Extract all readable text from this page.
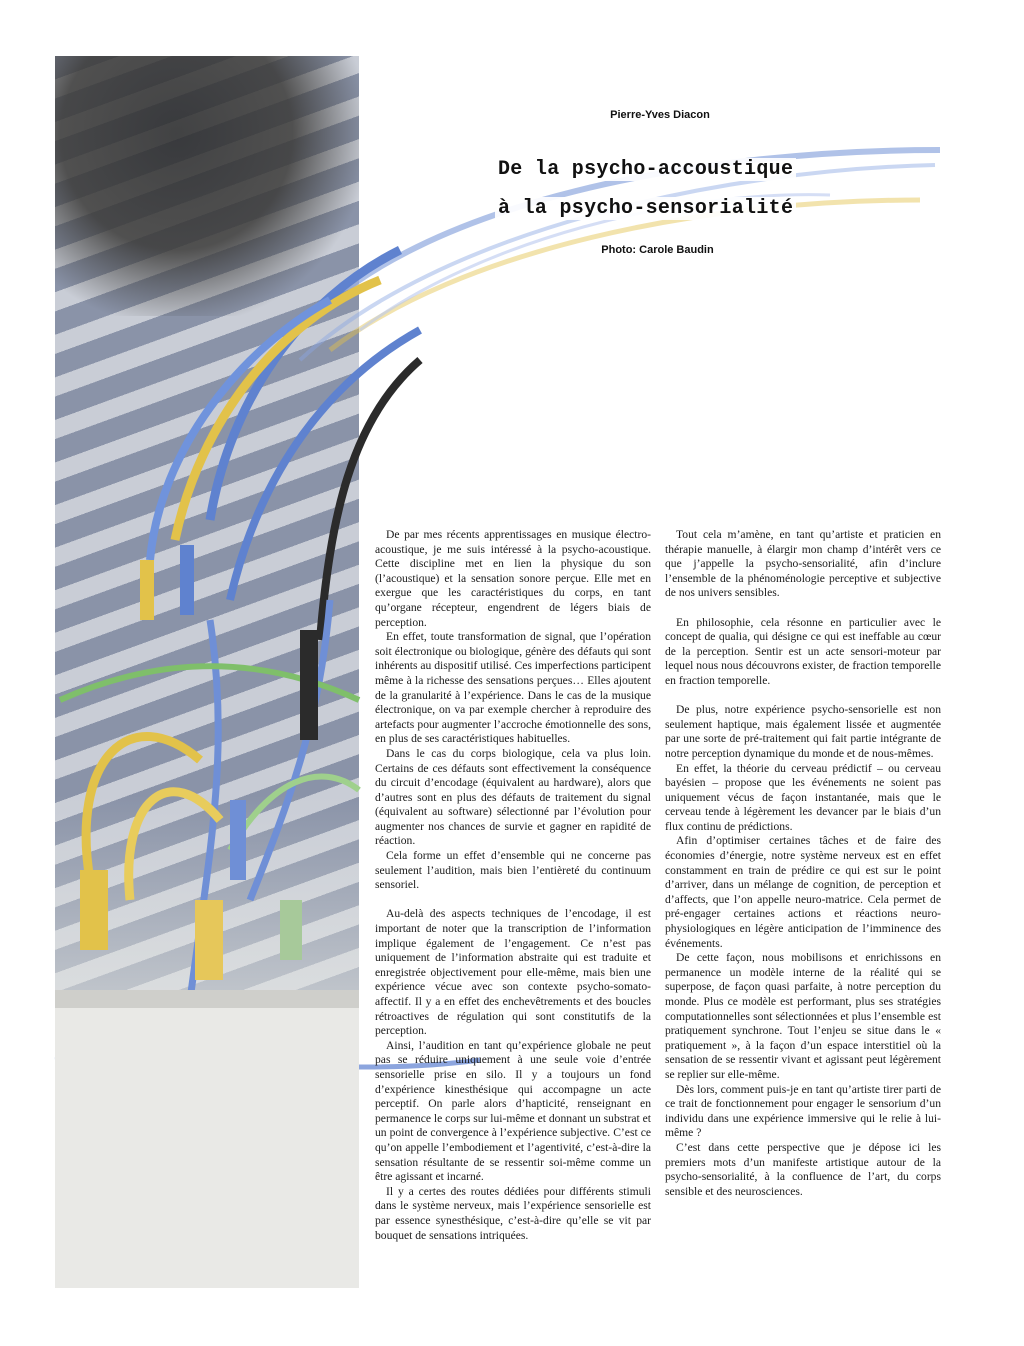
Pierre-Yves Diacon
De la psycho-accoustique
à la psycho-sensorialité
Photo: Carole Baudin

De par mes récents apprentissages en musique électro-acoustique, je me suis intéressé à la psycho-acoustique. Cette discipline met en lien la physique du son (l’acoustique) et la sensation sonore perçue. Elle met en exergue que les caractéristiques du corps, en tant qu’organe récepteur, engendrent de légers biais de perception.

En effet, toute transformation de signal, que l’opération soit électronique ou biologique, génère des défauts qui sont inhérents au dispositif utilisé. Ces imperfections participent même à la richesse des sensations perçues… Elles ajoutent de la granularité à l’expérience. Dans le cas de la musique électronique, on va par exemple chercher à reproduire des artefacts pour augmenter l’accroche émotionnelle des sons, en plus de ses caractéristiques habituelles.

Dans le cas du corps biologique, cela va plus loin. Certains de ces défauts sont effectivement la conséquence du circuit d’encodage (équivalent au hardware), alors que d’autres sont en plus des défauts de traitement du signal (équivalent au software) sélectionné par l’évolution pour augmenter nos chances de survie et gagner en rapidité de réaction.

Cela forme un effet d’ensemble qui ne concerne pas seulement l’audition, mais bien l’entièreté du continuum sensoriel.

Au-delà des aspects techniques de l’encodage, il est important de noter que la transcription de l’information implique également de l’engagement. Ce n’est pas uniquement de l’information abstraite qui est traduite et enregistrée objectivement pour elle-même, mais bien une expérience vécue avec son contexte psycho-somato-affectif. Il y a en effet des enchevêtrements et des boucles rétroactives de régulation qui sont constitutifs de la perception.

Ainsi, l’audition en tant qu’expérience globale ne peut pas se réduire uniquement à une seule voie d’entrée sensorielle prise en silo. Il y a toujours un fond d’expérience kinesthésique qui accompagne un acte perceptif. On parle alors d’hapticité, renseignant en permanence le corps sur lui-même et donnant un substrat et un point de convergence à l’expérience subjective. C’est ce qu’on appelle l’embodiement et l’agentivité, c’est-à-dire la sensation résultante de se ressentir soi-même comme un être agissant et incarné.

Il y a certes des routes dédiées pour différents stimuli dans le système nerveux, mais l’expérience sensorielle est par essence synesthésique, c’est-à-dire qu’elle se vit par bouquet de sensations intriquées.

Tout cela m’amène, en tant qu’artiste et praticien en thérapie manuelle, à élargir mon champ d’intérêt vers ce que j’appelle la psycho-sensorialité, afin d’inclure l’ensemble de la phénoménologie perceptive et subjective de nos univers sensibles.

En philosophie, cela résonne en particulier avec le concept de qualia, qui désigne ce qui est ineffable au cœur de la perception. Sentir est un acte sensori-moteur par lequel nous nous découvrons exister, de fraction temporelle en fraction temporelle.

De plus, notre expérience psycho-sensorielle est non seulement haptique, mais également lissée et augmentée par une sorte de pré-traitement qui fait partie intégrante de notre perception dynamique du monde et de nous-mêmes.

En effet, la théorie du cerveau prédictif – ou cerveau bayésien – propose que les événements ne soient pas uniquement vécus de façon instantanée, mais que le cerveau tende à légèrement les devancer par le biais d’un flux continu de prédictions.

Afin d’optimiser certaines tâches et de faire des économies d’énergie, notre système nerveux est en effet constamment en train de prédire ce qui est sur le point d’arriver, dans un mélange de cognition, de perception et d’affects, que l’on appelle neuro-matrice. Cela permet de pré-engager certaines actions et réactions neuro-physiologiques en légère anticipation de l’imminence des événements.

De cette façon, nous mobilisons et enrichissons en permanence un modèle interne de la réalité qui se superpose, de façon quasi parfaite, à notre perception du monde. Plus ce modèle est performant, plus ses stratégies computationnelles sont sélectionnées et plus l’ensemble est pratiquement synchrone. Tout l’enjeu se situe dans le « pratiquement », à la façon d’un espace interstitiel où la sensation de se ressentir vivant et agissant peut légèrement se replier sur elle-même.

Dès lors, comment puis-je en tant qu’artiste tirer parti de ce trait de fonctionnement pour engager le sensorium d’un individu dans une expérience immersive qui le relie à lui-même ?

C’est dans cette perspective que je dépose ici les premiers mots d’un manifeste artistique autour de la psycho-sensorialité, à la confluence de l’art, du corps sensible et des neurosciences.
